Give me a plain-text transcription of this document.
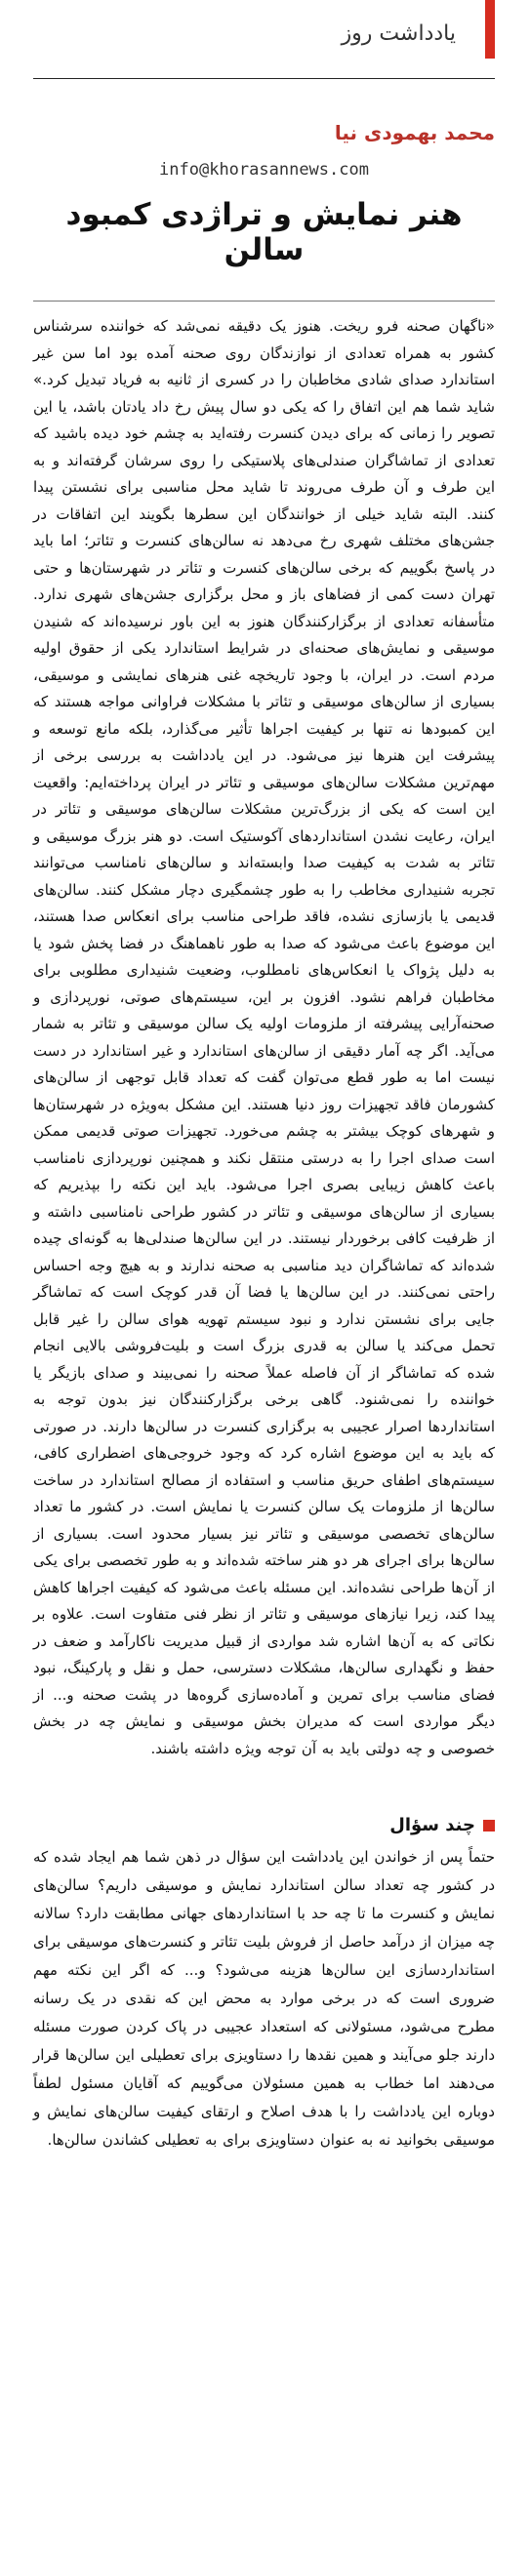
یادداشت روز
محمد بهمودی نیا
info@khorasannews.com
هنر نمایش و تراژدی کمبود سالن
«ناگهان صحنه فرو ریخت. هنوز یک دقیقه نمی‌شد که خواننده سرشناس کشور به همراه تعدادی از نوازندگان روی صحنه آمده بود اما سن غیر استاندارد صدای شادی مخاطبان را در کسری از ثانیه به فریاد تبدیل کرد.» شاید شما هم این اتفاق را که یکی دو سال پیش رخ داد یادتان باشد، یا این تصویر را زمانی که برای دیدن کنسرت رفته‌اید به چشم خود دیده باشید که تعدادی از تماشاگران صندلی‌های پلاستیکی را روی سرشان گرفته‌اند و به این طرف و آن طرف می‌روند تا شاید محل مناسبی برای نشستن پیدا کنند. البته شاید خیلی از خوانندگان این سطرها بگویند این اتفاقات در جشن‌های مختلف شهری رخ می‌دهد نه سالن‌های کنسرت و تئاتر؛ اما باید در پاسخ بگوییم که برخی سالن‌های کنسرت و تئاتر در شهرستان‌ها و حتی تهران دست کمی از فضاهای باز و محل برگزاری جشن‌های شهری ندارد. متأسفانه تعدادی از برگزارکنندگان هنوز به این باور نرسیده‌اند که شنیدن موسیقی و نمایش‌های صحنه‌ای در شرایط استاندارد یکی از حقوق اولیه مردم است. در ایران، با وجود تاریخچه غنی هنرهای نمایشی و موسیقی، بسیاری از سالن‌های موسیقی و تئاتر با مشکلات فراوانی مواجه هستند که این کمبودها نه تنها بر کیفیت اجراها تأثیر می‌گذارد، بلکه مانع توسعه و پیشرفت این هنرها نیز می‌شود. در این یادداشت به بررسی برخی از مهم‌ترین مشکلات سالن‌های موسیقی و تئاتر در ایران پرداخته‌ایم: واقعیت این است که یکی از بزرگ‌ترین مشکلات سالن‌های موسیقی و تئاتر در ایران، رعایت نشدن استانداردهای آکوستیک است. دو هنر بزرگ موسیقی و تئاتر به شدت به کیفیت صدا وابسته‌اند و سالن‌های نامناسب می‌توانند تجربه شنیداری مخاطب را به طور چشمگیری دچار مشکل کنند. سالن‌های قدیمی یا بازسازی نشده، فاقد طراحی مناسب برای انعکاس صدا هستند، این موضوع باعث می‌شود که صدا به طور ناهماهنگ در فضا پخش شود یا به دلیل پژواک یا انعکاس‌های نامطلوب، وضعیت شنیداری مطلوبی برای مخاطبان فراهم نشود. افزون بر این، سیستم‌های صوتی، نورپردازی و صحنه‌آرایی پیشرفته از ملزومات اولیه یک سالن موسیقی و تئاتر به شمار می‌آید. اگر چه آمار دقیقی از سالن‌های استاندارد و غیر استاندارد در دست نیست اما به طور قطع می‌توان گفت که تعداد قابل توجهی از سالن‌های کشورمان فاقد تجهیزات روز دنیا هستند. این مشکل به‌ویژه در شهرستان‌ها و شهرهای کوچک بیشتر به چشم می‌خورد. تجهیزات صوتی قدیمی ممکن است صدای اجرا را به درستی منتقل نکند و همچنین نورپردازی نامناسب باعث کاهش زیبایی بصری اجرا می‌شود. باید این نکته را بپذیریم که بسیاری از سالن‌های موسیقی و تئاتر در کشور طراحی نامناسبی داشته و از ظرفیت کافی برخوردار نیستند. در این سالن‌ها صندلی‌ها به گونه‌ای چیده شده‌اند که تماشاگران دید مناسبی به صحنه ندارند و به هیچ وجه احساس راحتی نمی‌کنند. در این سالن‌ها یا فضا آن قدر کوچک است که تماشاگر جایی برای نشستن ندارد و نبود سیستم تهویه هوای سالن را غیر قابل تحمل می‌کند یا سالن به قدری بزرگ است و بلیت‌فروشی بالایی انجام شده که تماشاگر از آن فاصله عملاً صحنه را نمی‌بیند و صدای بازیگر یا خواننده را نمی‌شنود. گاهی برخی برگزارکنندگان نیز بدون توجه به استانداردها اصرار عجیبی به برگزاری کنسرت در سالن‌ها دارند. در صورتی که باید به این موضوع اشاره کرد که وجود خروجی‌های اضطراری کافی، سیستم‌های اطفای حریق مناسب و استفاده از مصالح استاندارد در ساخت سالن‌ها از ملزومات یک سالن کنسرت یا نمایش است. در کشور ما تعداد سالن‌های تخصصی موسیقی و تئاتر نیز بسیار محدود است. بسیاری از سالن‌ها برای اجرای هر دو هنر ساخته شده‌اند و به طور تخصصی برای یکی از آن‌ها طراحی نشده‌اند. این مسئله باعث می‌شود که کیفیت اجراها کاهش پیدا کند، زیرا نیازهای موسیقی و تئاتر از نظر فنی متفاوت است. علاوه بر نکاتی که به آن‌ها اشاره شد مواردی از قبیل مدیریت ناکارآمد و ضعف در حفظ و نگهداری سالن‌ها، مشکلات دسترسی، حمل و نقل و پارکینگ، نبود فضای مناسب برای تمرین و آماده‌سازی گروه‌ها در پشت صحنه و... از دیگر مواردی است که مدیران بخش موسیقی و نمایش چه در بخش خصوصی و چه دولتی باید به آن توجه ویژه داشته باشند.
چند سؤال
حتماً پس از خواندن این یادداشت این سؤال در ذهن شما هم ایجاد شده که در کشور چه تعداد سالن استاندارد نمایش و موسیقی داریم؟ سالن‌های نمایش و کنسرت ما تا چه حد با استانداردهای جهانی مطابقت دارد؟ سالانه چه میزان از درآمد حاصل از فروش بلیت تئاتر و کنسرت‌های موسیقی برای استانداردسازی این سالن‌ها هزینه می‌شود؟ و... که اگر این نکته مهم ضروری است که در برخی موارد به محض این که نقدی در یک رسانه مطرح می‌شود، مسئولانی که استعداد عجیبی در پاک کردن صورت مسئله دارند جلو می‌آیند و همین نقدها را دستاویزی برای تعطیلی این سالن‌ها قرار می‌دهند اما خطاب به همین مسئولان می‌گوییم که آقایان مسئول لطفاً دوباره این یادداشت را با هدف اصلاح و ارتقای کیفیت سالن‌های نمایش و موسیقی بخوانید نه به عنوان دستاویزی برای به تعطیلی کشاندن سالن‌ها.
